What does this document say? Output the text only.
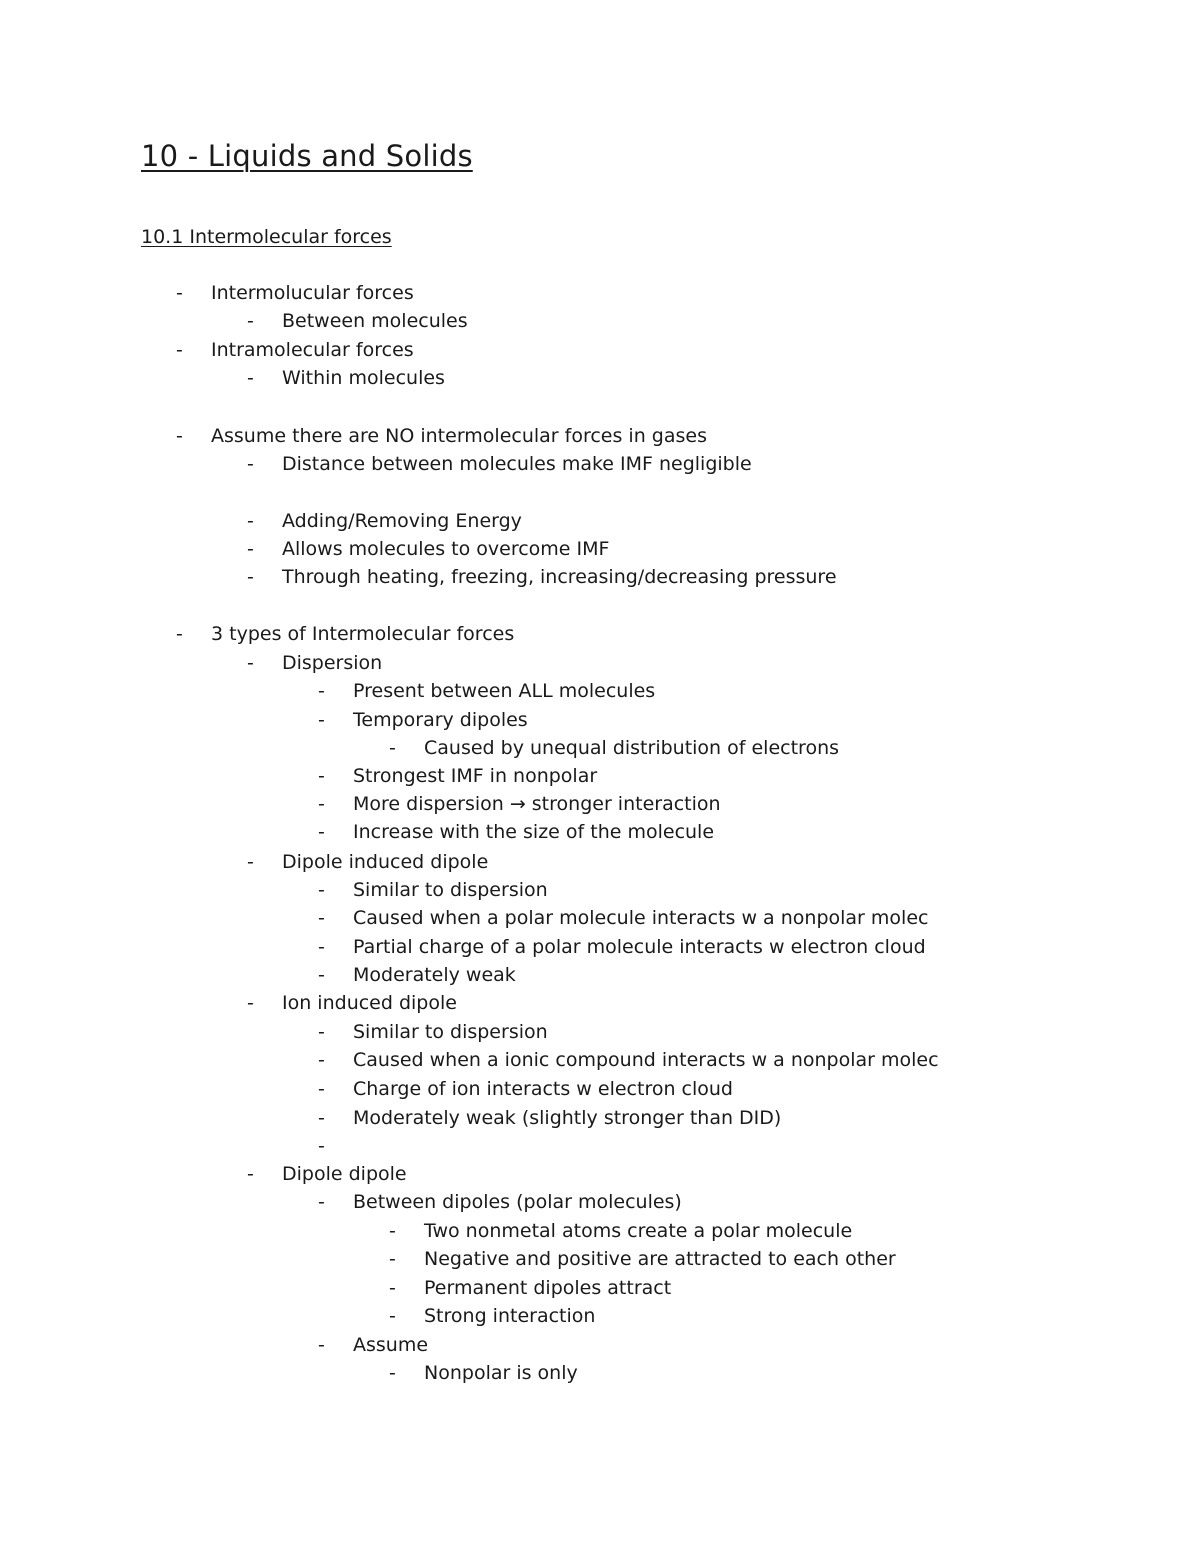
10 - Liquids and Solids
10.1 Intermolecular forces
-	Intermolucular forces
-	Between molecules
-	Intramolecular forces
-	Within molecules
-	Assume there are NO intermolecular forces in gases
-	Distance between molecules make IMF negligible
-	Adding/Removing Energy
-	Allows molecules to overcome IMF
-	Through heating, freezing, increasing/decreasing pressure
-	3 types of Intermolecular forces
-	Dispersion
-	Present between ALL molecules
-	Temporary dipoles
-	Caused by unequal distribution of electrons
-	Strongest IMF in nonpolar
-	More dispersion → stronger interaction
-	Increase with the size of the molecule
-	Dipole induced dipole
-	Similar to dispersion
-	Caused when a polar molecule interacts w a nonpolar molec
-	Partial charge of a polar molecule interacts w electron cloud
-	Moderately weak
-	Ion induced dipole
-	Similar to dispersion
-	Caused when a ionic compound interacts w a nonpolar molec
-	Charge of ion interacts w electron cloud
-	Moderately weak (slightly stronger than DID)
-
-	Dipole dipole
-	Between dipoles (polar molecules)
-	Two nonmetal atoms create a polar molecule
-	Negative and positive are attracted to each other
-	Permanent dipoles attract
-	Strong interaction
-	Assume
-	Nonpolar is only
